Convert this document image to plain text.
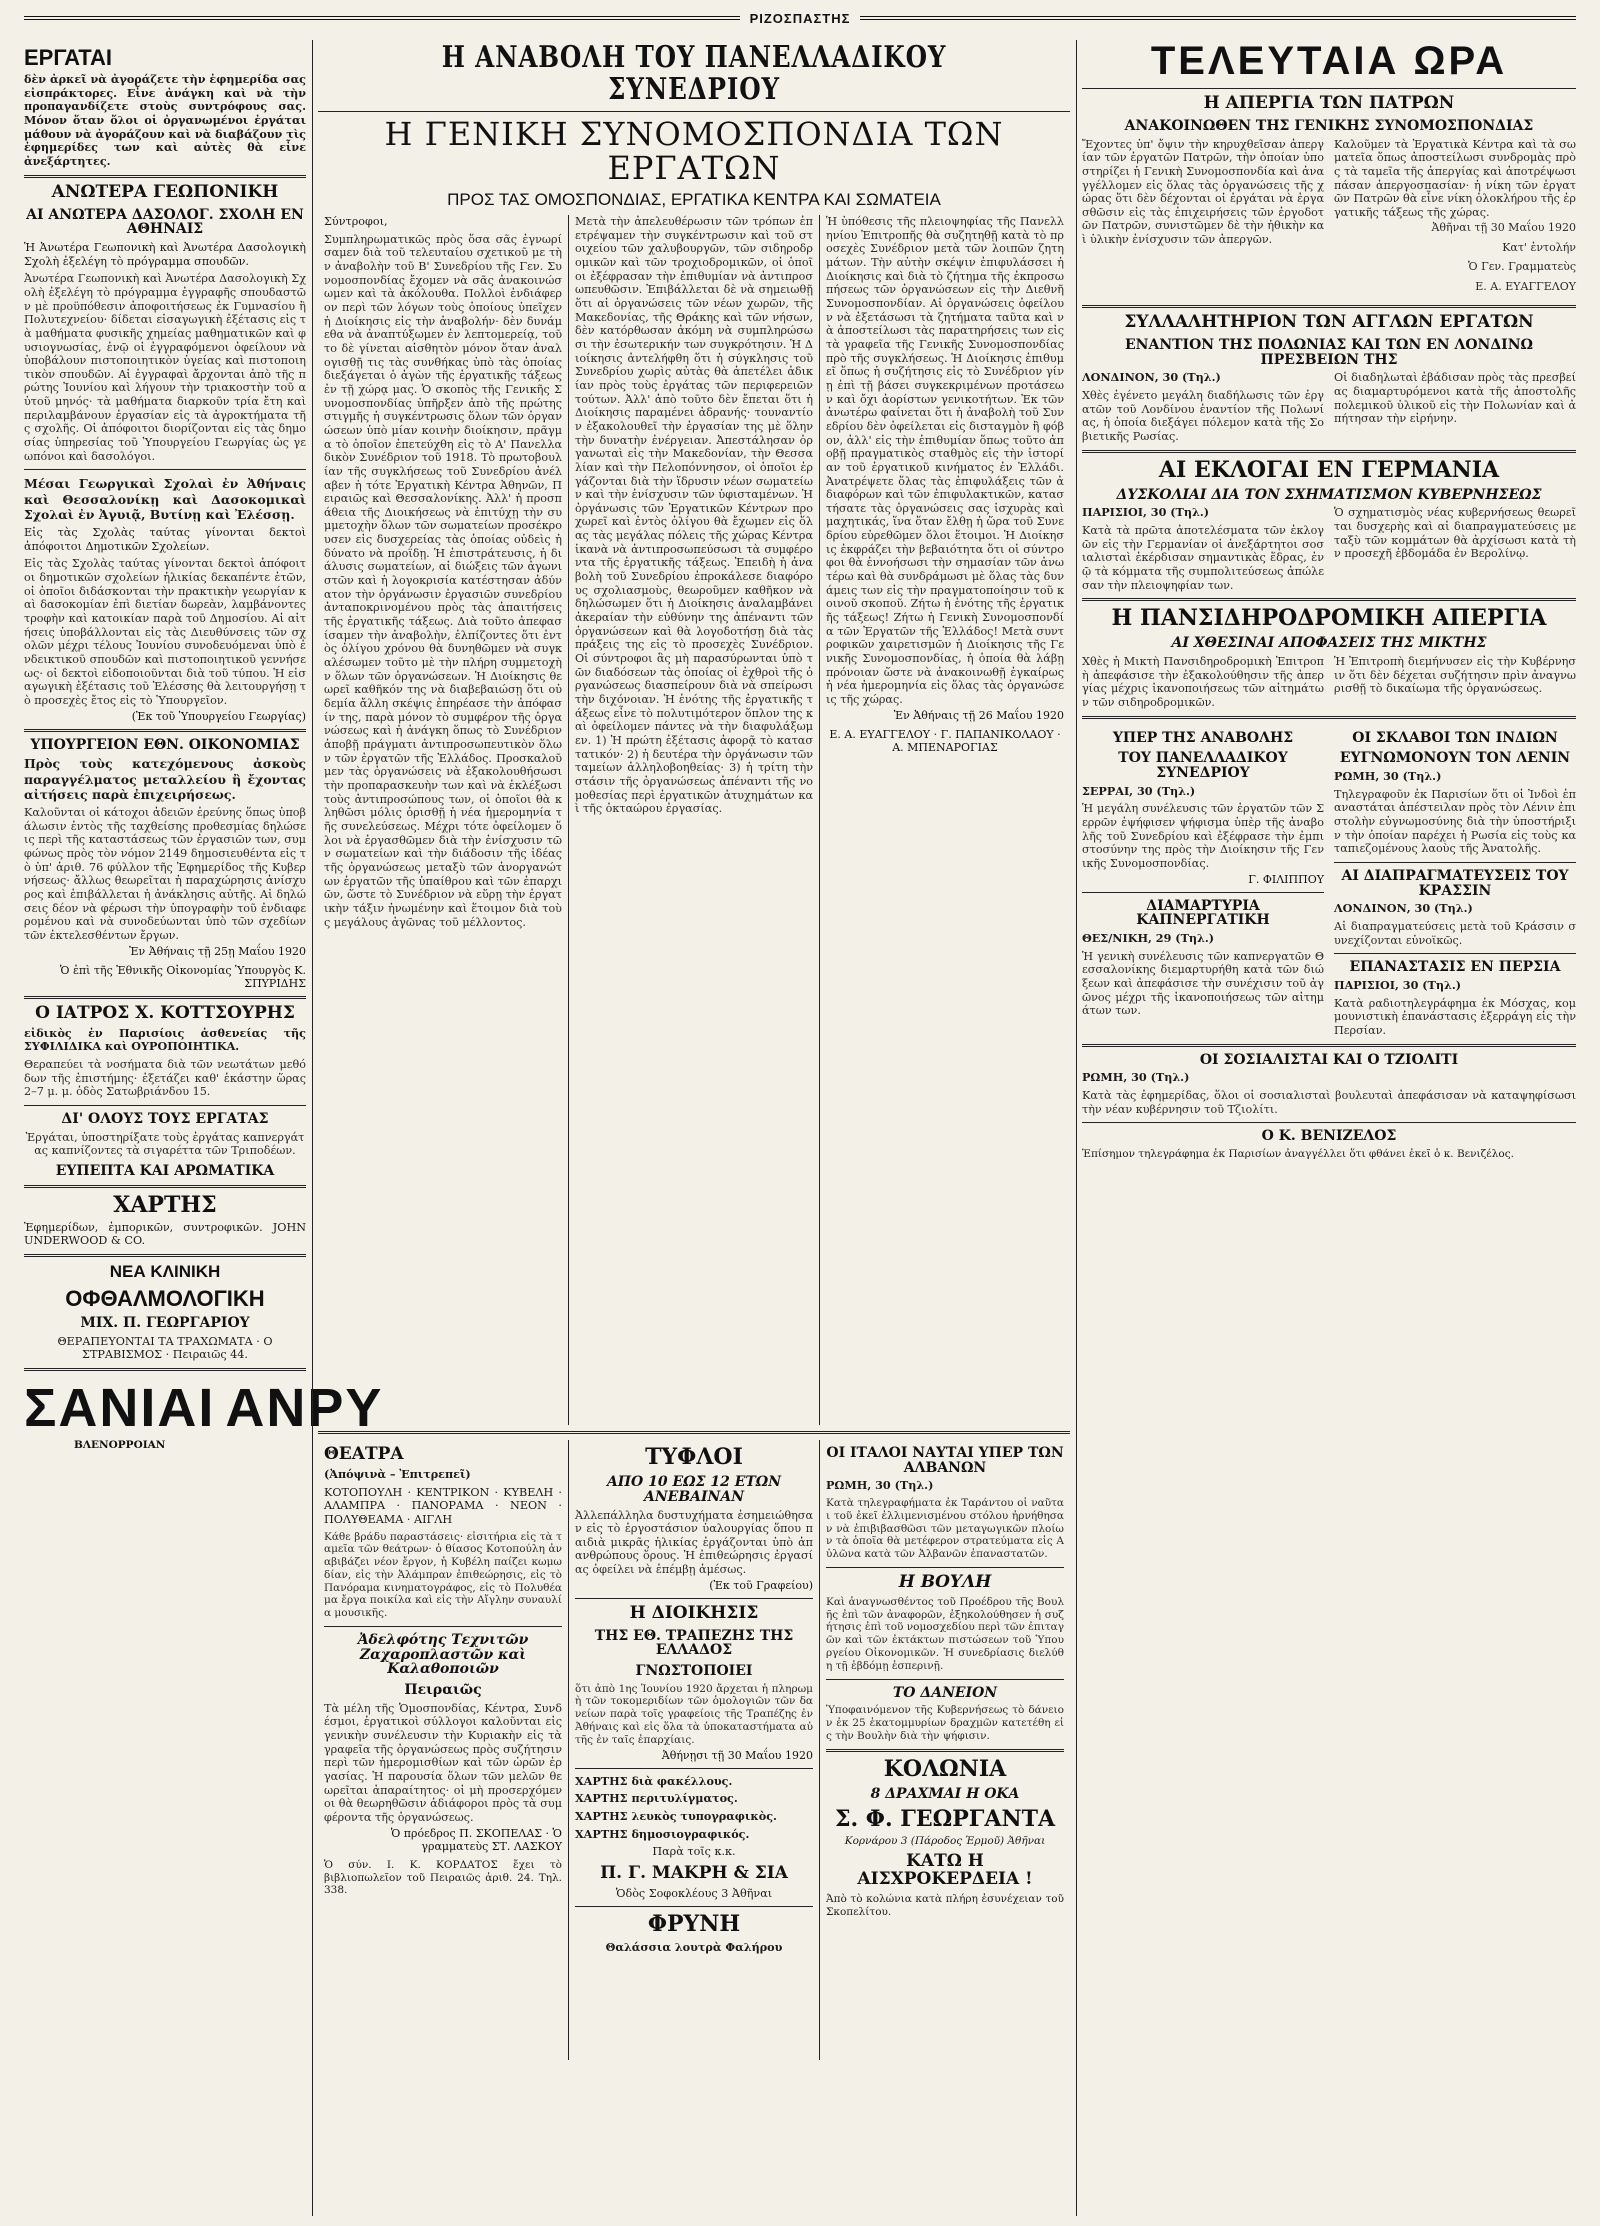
ΡΙΖΟΣΠΑΣΤΗΣ
ΕΡΓΑΤΑΙ

δὲν ἀρκεῖ νὰ ἀγοράζετε τὴν ἐφημερίδα σας εἰσπράκτορες. Εἶνε ἀνάγκη καὶ νὰ τὴν προπαγανδίζετε στοὺς συντρόφους σας. Μόνον ὅταν ὅλοι οἱ ὀργανωμένοι ἐργάται μάθουν νὰ ἀγοράζουν καὶ νὰ διαβάζουν τὶς ἐφημερίδες των καὶ αὐτὲς θὰ εἶνε ἀνεξάρτητες.

ΑΝΩΤΕΡΑ ΓΕΩΠΟΝΙΚΗ
ΑΙ ΑΝΩΤΕΡΑ ΔΑΣΟΛΟΓ. ΣΧΟΛΗ ΕΝ ΑΘΗΝΑΙΣ

Ἡ Ἀνωτέρα Γεωπονικὴ καὶ Ἀνωτέρα Δασολογικὴ Σχολὴ ἐξελέγη τὸ πρόγραμμα σπουδῶν.

Ἀνωτέρα Γεωπονικὴ καὶ Ἀνωτέρα Δασολογικὴ Σχολὴ ἐξελέγη τὸ πρόγραμμα ἐγγραφῆς σπουδαστῶν μὲ προϋπόθεσιν ἀποφοιτήσεως ἐκ Γυμνασίου ἢ Πολυτεχνείου· δίδεται εἰσαγωγικὴ ἐξέτασις εἰς τὰ μαθήματα φυσικῆς χημείας μαθηματικῶν καὶ φυσιογνωσίας, ἐνῷ οἱ ἐγγραφόμενοι ὀφείλουν νὰ ὑποβάλουν πιστοποιητικὸν ὑγείας καὶ πιστοποιητικὸν σπουδῶν. Αἱ ἐγγραφαὶ ἄρχονται ἀπὸ τῆς πρώτης Ἰουνίου καὶ λήγουν τὴν τριακοστὴν τοῦ αὐτοῦ μηνός· τὰ μαθήματα διαρκοῦν τρία ἔτη καὶ περιλαμβάνουν ἐργασίαν εἰς τὰ ἀγροκτήματα τῆς σχολῆς. Οἱ ἀπόφοιτοι διορίζονται εἰς τὰς δημοσίας ὑπηρεσίας τοῦ Ὑπουργείου Γεωργίας ὡς γεωπόνοι καὶ δασολόγοι.

Μέσαι Γεωργικαὶ Σχολαὶ ἐν Ἀθήναις καὶ Θεσσαλονίκῃ καὶ Δασοκομικαὶ Σχολαὶ ἐν Ἀγυιᾷ, Βυτίνῃ καὶ Ἐλέσσῃ.

Εἰς τὰς Σχολὰς ταύτας γίνονται δεκτοὶ ἀπόφοιτοι Δημοτικῶν Σχολείων.

Εἰς τὰς Σχολὰς ταύτας γίνονται δεκτοὶ ἀπόφοιτοι δημοτικῶν σχολείων ἡλικίας δεκαπέντε ἐτῶν, οἱ ὁποῖοι διδάσκονται τὴν πρακτικὴν γεωργίαν καὶ δασοκομίαν ἐπὶ διετίαν δωρεὰν, λαμβάνοντες τροφὴν καὶ κατοικίαν παρὰ τοῦ Δημοσίου. Αἱ αἰτήσεις ὑποβάλλονται εἰς τὰς Διευθύνσεις τῶν σχολῶν μέχρι τέλους Ἰουνίου συνοδευόμεναι ὑπὸ ἐνδεικτικοῦ σπουδῶν καὶ πιστοποιητικοῦ γεννήσεως· οἱ δεκτοὶ εἰδοποιοῦνται διὰ τοῦ τύπου. Ἡ εἰσαγωγικὴ ἐξέτασις τοῦ Ἐλέσσης θὰ λειτουργήσῃ τὸ προσεχὲς ἔτος εἰς τὸ Ὑπουργεῖον.
(Ἐκ τοῦ Ὑπουργείου Γεωργίας)
ΥΠΟΥΡΓΕΙΟΝ ΕΘΝ. ΟΙΚΟΝΟΜΙΑΣ

Πρὸς τοὺς κατεχόμενους ἀσκοὺς παραγγέλματος μεταλλείου ἢ ἔχοντας αἰτήσεις παρὰ ἐπιχειρήσεως.

Καλοῦνται οἱ κάτοχοι ἀδειῶν ἐρεύνης ὅπως ὑποβάλωσιν ἐντὸς τῆς ταχθείσης προθεσμίας δηλώσεις περὶ τῆς καταστάσεως τῶν ἐργασιῶν των, συμφώνως πρὸς τὸν νόμον 2149 δημοσιευθέντα εἰς τὸ ὑπ' ἀριθ. 76 φύλλον τῆς Ἐφημερίδος τῆς Κυβερνήσεως· ἄλλως θεωρεῖται ἡ παραχώρησις ἀνίσχυρος καὶ ἐπιβάλλεται ἡ ἀνάκλησις αὐτῆς. Αἱ δηλώσεις δέον νὰ φέρωσι τὴν ὑπογραφὴν τοῦ ἐνδιαφερομένου καὶ νὰ συνοδεύωνται ὑπὸ τῶν σχεδίων τῶν ἐκτελεσθέντων ἔργων.
Ἐν Ἀθήναις τῇ 25ῃ Μαΐου 1920
Ὁ ἐπὶ τῆς Ἐθνικῆς Οἰκονομίας Ὑπουργὸς Κ. ΣΠΥΡΙΔΗΣ
Ο ΙΑΤΡΟΣ Χ. ΚΟΤΤΣΟΥΡΗΣ

εἰδικὸς ἐν Παρισίοις ἀσθενείας τῆς ΣΥΦΙΛΙΔΙΚΑ καὶ ΟΥΡΟΠΟΙΗΤΙΚΑ.

Θεραπεύει τὰ νοσήματα διὰ τῶν νεωτάτων μεθόδων τῆς ἐπιστήμης· ἐξετάζει καθ' ἑκάστην ὥρας 2–7 μ. μ. ὁδὸς Σατωβριάνδου 15.
ΔΙ' ΟΛΟΥΣ ΤΟΥΣ ΕΡΓΑΤΑΣ
Ἐργάται, ὑποστηρίξατε τοὺς ἐργάτας καπνεργάτας καπνίζοντες τὰ σιγαρέττα τῶν Τριποδέων.
ΕΥΠΕΠΤΑ ΚΑΙ ΑΡΩΜΑΤΙΚΑ
ΧΑΡΤΗΣ

Ἐφημερίδων, ἐμπορικῶν, συντροφικῶν. JOHN UNDERWOOD & CO.

ΝΕΑ ΚΛΙΝΙΚΗ
ΟΦΘΑΛΜΟΛΟΓΙΚΗ
ΜΙΧ. Π. ΓΕΩΡΓΑΡΙΟΥ

ΘΕΡΑΠΕΥΟΝΤΑΙ ΤΑ ΤΡΑΧΩΜΑΤΑ · Ο ΣΤΡΑΒΙΣΜΟΣ · Πειραιῶς 44.

ΣΑΝΙΑΙ
ΒΛΕΝΟΡΡΟΙΑΝ
ΑΝΡΥ
Η ΑΝΑΒΟΛΗ ΤΟΥ ΠΑΝΕΛΛΑΔΙΚΟΥ ΣΥΝΕΔΡΙΟΥ
Η ΓΕΝΙΚΗ ΣΥΝΟΜΟΣΠΟΝΔΙΑ ΤΩΝ ΕΡΓΑΤΩΝ
ΠΡΟΣ ΤΑΣ ΟΜΟΣΠΟΝΔΙΑΣ, ΕΡΓΑΤΙΚΑ ΚΕΝΤΡΑ ΚΑΙ ΣΩΜΑΤΕΙΑ

Σύντροφοι,

Συμπληρωματικῶς πρὸς ὅσα σᾶς ἐγνωρίσαμεν διὰ τοῦ τελευταίου σχετικοῦ με τὴν ἀναβολὴν τοῦ Β' Συνεδρίου τῆς Γεν. Συνομοσπονδίας ἔχομεν νὰ σᾶς ἀνακοινώσωμεν καὶ τὰ ἀκόλουθα. Πολλοὶ ἐνδιάφερον περὶ τῶν λόγων τοὺς ὁποίους ὑπεῖχεν ἡ Διοίκησις εἰς τὴν ἀναβολήν· δὲν δυνάμεθα νὰ ἀναπτύξωμεν ἐν λεπτομερείᾳ, τοῦτο δὲ γίνεται αἰσθητὸν μόνον ὅταν ἀναλογισθῇ τις τὰς συνθήκας ὑπὸ τὰς ὁποίας διεξάγεται ὁ ἀγὼν τῆς ἐργατικῆς τάξεως ἐν τῇ χώρᾳ μας. Ὁ σκοπὸς τῆς Γενικῆς Συνομοσπονδίας ὑπῆρξεν ἀπὸ τῆς πρώτης στιγμῆς ἡ συγκέντρωσις ὅλων τῶν ὀργανώσεων ὑπὸ μίαν κοινὴν διοίκησιν, πρᾶγμα τὸ ὁποῖον ἐπετεύχθη εἰς τὸ Α' Πανελλαδικὸν Συνέδριον τοῦ 1918. Τὸ πρωτοβουλίαν τῆς συγκλήσεως τοῦ Συνεδρίου ἀνέλαβεν ἡ τότε Ἐργατικὴ Κέντρα Ἀθηνῶν, Πειραιῶς καὶ Θεσσαλονίκης. Ἀλλ' ἡ προσπάθεια τῆς Διοικήσεως νὰ ἐπιτύχῃ τὴν συμμετοχὴν ὅλων τῶν σωματείων προσέκρουσεν εἰς δυσχερείας τὰς ὁποίας οὐδεὶς ἠδύνατο νὰ προΐδῃ. Ἡ ἐπιστράτευσις, ἡ διάλυσις σωματείων, αἱ διώξεις τῶν ἀγωνιστῶν καὶ ἡ λογοκρισία κατέστησαν ἀδύνατον τὴν ὀργάνωσιν ἐργασιῶν συνεδρίου ἀνταποκρινομένου πρὸς τὰς ἀπαιτήσεις τῆς ἐργατικῆς τάξεως. Διὰ τοῦτο ἀπεφασίσαμεν τὴν ἀναβολὴν, ἐλπίζοντες ὅτι ἐντὸς ὀλίγου χρόνου θὰ δυνηθῶμεν νὰ συγκαλέσωμεν τοῦτο μὲ τὴν πλήρη συμμετοχὴν ὅλων τῶν ὀργανώσεων. Ἡ Διοίκησις θεωρεῖ καθῆκόν της νὰ διαβεβαιώσῃ ὅτι οὐδεμία ἄλλη σκέψις ἐπηρέασε τὴν ἀπόφασίν της, παρὰ μόνον τὸ συμφέρον τῆς ὀργανώσεως καὶ ἡ ἀνάγκη ὅπως τὸ Συνέδριον ἀποβῇ πράγματι ἀντιπροσωπευτικὸν ὅλων τῶν ἐργατῶν τῆς Ἑλλάδος. Προσκαλοῦμεν τὰς ὀργανώσεις νὰ ἐξακολουθήσωσι τὴν προπαρασκευὴν των καὶ νὰ ἐκλέξωσι τοὺς ἀντιπροσώπους των, οἱ ὁποῖοι θὰ κληθῶσι μόλις ὁρισθῇ ἡ νέα ἡμερομηνία τῆς συνελεύσεως. Μέχρι τότε ὀφείλομεν ὅλοι νὰ ἐργασθῶμεν διὰ τὴν ἐνίσχυσιν τῶν σωματείων καὶ τὴν διάδοσιν τῆς ἰδέας τῆς ὀργανώσεως μεταξὺ τῶν ἀνοργανώτων ἐργατῶν τῆς ὑπαίθρου καὶ τῶν ἐπαρχιῶν, ὥστε τὸ Συνέδριον νὰ εὕρῃ τὴν ἐργατικὴν τάξιν ἡνωμένην καὶ ἕτοιμον διὰ τοὺς μεγάλους ἀγῶνας τοῦ μέλλοντος.
Μετὰ τὴν ἀπελευθέρωσιν τῶν τρόπων ἐπετρέψαμεν τὴν συγκέντρωσιν καὶ τοῦ στοιχείου τῶν χαλυβουργῶν, τῶν σιδηροδρομικῶν καὶ τῶν τροχιοδρομικῶν, οἱ ὁποῖοι ἐξέφρασαν τὴν ἐπιθυμίαν νὰ ἀντιπροσωπευθῶσιν. Ἐπιβάλλεται δὲ νὰ σημειωθῇ ὅτι αἱ ὀργανώσεις τῶν νέων χωρῶν, τῆς Μακεδονίας, τῆς Θράκης καὶ τῶν νήσων, δὲν κατόρθωσαν ἀκόμη νὰ συμπληρώσωσι τὴν ἐσωτερικήν των συγκρότησιν. Ἡ Διοίκησις ἀντελήφθη ὅτι ἡ σύγκλησις τοῦ Συνεδρίου χωρὶς αὐτὰς θὰ ἀπετέλει ἀδικίαν πρὸς τοὺς ἐργάτας τῶν περιφερειῶν τούτων. Ἀλλ' ἀπὸ τοῦτο δὲν ἔπεται ὅτι ἡ Διοίκησις παραμένει ἀδρανής· τουναντίον ἐξακολουθεῖ τὴν ἐργασίαν της μὲ ὅλην τὴν δυνατὴν ἐνέργειαν. Ἀπεστάλησαν ὀργανωταὶ εἰς τὴν Μακεδονίαν, τὴν Θεσσαλίαν καὶ τὴν Πελοπόννησον, οἱ ὁποῖοι ἐργάζονται διὰ τὴν ἵδρυσιν νέων σωματείων καὶ τὴν ἐνίσχυσιν τῶν ὑφισταμένων. Ἡ ὀργάνωσις τῶν Ἐργατικῶν Κέντρων προχωρεῖ καὶ ἐντὸς ὀλίγου θὰ ἔχωμεν εἰς ὅλας τὰς μεγάλας πόλεις τῆς χώρας Κέντρα ἱκανὰ νὰ ἀντιπροσωπεύσωσι τὰ συμφέροντα τῆς ἐργατικῆς τάξεως. Ἐπειδὴ ἡ ἀναβολὴ τοῦ Συνεδρίου ἐπροκάλεσε διαφόρους σχολιασμοὺς, θεωροῦμεν καθῆκον νὰ δηλώσωμεν ὅτι ἡ Διοίκησις ἀναλαμβάνει ἀκεραίαν τὴν εὐθύνην της ἀπέναντι τῶν ὀργανώσεων καὶ θὰ λογοδοτήσῃ διὰ τὰς πράξεις της εἰς τὸ προσεχὲς Συνέδριον. Οἱ σύντροφοι ἃς μὴ παρασύρωνται ὑπὸ τῶν διαδόσεων τὰς ὁποίας οἱ ἐχθροὶ τῆς ὀργανώσεως διασπείρουν διὰ νὰ σπείρωσι τὴν διχόνοιαν. Ἡ ἑνότης τῆς ἐργατικῆς τάξεως εἶνε τὸ πολυτιμότερον ὅπλον της καὶ ὀφείλομεν πάντες νὰ τὴν διαφυλάξωμεν. 1) Ἡ πρώτη ἐξέτασις ἀφορᾷ τὸ καταστατικόν· 2) ἡ δευτέρα τὴν ὀργάνωσιν τῶν ταμείων ἀλληλοβοηθείας· 3) ἡ τρίτη τὴν στάσιν τῆς ὀργανώσεως ἀπέναντι τῆς νομοθεσίας περὶ ἐργατικῶν ἀτυχημάτων καὶ τῆς ὀκταώρου ἐργασίας.
Ἡ ὑπόθεσις τῆς πλειοψηφίας τῆς Πανελληνίου Ἐπιτροπῆς θὰ συζητηθῇ κατὰ τὸ προσεχὲς Συνέδριον μετὰ τῶν λοιπῶν ζητημάτων. Τὴν αὐτὴν σκέψιν ἐπιφυλάσσει ἡ Διοίκησις καὶ διὰ τὸ ζήτημα τῆς ἐκπροσωπήσεως τῶν ὀργανώσεων εἰς τὴν Διεθνῆ Συνομοσπονδίαν. Αἱ ὀργανώσεις ὀφείλουν νὰ ἐξετάσωσι τὰ ζητήματα ταῦτα καὶ νὰ ἀποστείλωσι τὰς παρατηρήσεις των εἰς τὰ γραφεῖα τῆς Γενικῆς Συνομοσπονδίας πρὸ τῆς συγκλήσεως. Ἡ Διοίκησις ἐπιθυμεῖ ὅπως ἡ συζήτησις εἰς τὸ Συνέδριον γίνῃ ἐπὶ τῇ βάσει συγκεκριμένων προτάσεων καὶ ὄχι ἀορίστων γενικοτήτων. Ἐκ τῶν ἀνωτέρω φαίνεται ὅτι ἡ ἀναβολὴ τοῦ Συνεδρίου δὲν ὀφείλεται εἰς δισταγμὸν ἢ φόβον, ἀλλ' εἰς τὴν ἐπιθυμίαν ὅπως τοῦτο ἀποβῇ πραγματικὸς σταθμὸς εἰς τὴν ἱστορίαν τοῦ ἐργατικοῦ κινήματος ἐν Ἑλλάδι. Ἀνατρέψετε ὅλας τὰς ἐπιφυλάξεις τῶν ἀδιαφόρων καὶ τῶν ἐπιφυλακτικῶν, καταστήσατε τὰς ὀργανώσεις σας ἰσχυρὰς καὶ μαχητικάς, ἵνα ὅταν ἔλθῃ ἡ ὥρα τοῦ Συνεδρίου εὑρεθῶμεν ὅλοι ἕτοιμοι. Ἡ Διοίκησις ἐκφράζει τὴν βεβαιότητα ὅτι οἱ σύντροφοι θὰ ἐννοήσωσι τὴν σημασίαν τῶν ἀνωτέρω καὶ θὰ συνδράμωσι μὲ ὅλας τὰς δυνάμεις των εἰς τὴν πραγματοποίησιν τοῦ κοινοῦ σκοποῦ. Ζήτω ἡ ἑνότης τῆς ἐργατικῆς τάξεως! Ζήτω ἡ Γενικὴ Συνομοσπονδία τῶν Ἐργατῶν τῆς Ἑλλάδος! Μετὰ συντροφικῶν χαιρετισμῶν ἡ Διοίκησις τῆς Γενικῆς Συνομοσπονδίας, ἡ ὁποία θὰ λάβῃ πρόνοιαν ὥστε νὰ ἀνακοινωθῇ ἐγκαίρως ἡ νέα ἡμερομηνία εἰς ὅλας τὰς ὀργανώσεις τῆς χώρας.
Ἐν Ἀθήναις τῇ 26 Μαΐου 1920
Ε. Α. ΕΥΑΓΓΕΛΟΥ · Γ. ΠΑΠΑΝΙΚΟΛΑΟΥ · Α. ΜΠΕΝΑΡΟΓΙΑΣ
ΘΕΑΤΡΑ
(Ἀπόψινὰ – Ἐπιτρεπεῖ)

ΚΟΤΟΠΟΥΛΗ · ΚΕΝΤΡΙΚΟΝ · ΚΥΒΕΛΗ · ΑΛΑΜΠΡΑ · ΠΑΝΟΡΑΜΑ · ΝΕΟΝ · ΠΟΛΥΘΕΑΜΑ · ΑΙΓΛΗ

Κάθε βράδυ παραστάσεις· εἰσιτήρια εἰς τὰ ταμεῖα τῶν θεάτρων· ὁ θίασος Κοτοπούλη ἀναβιβάζει νέον ἔργον, ἡ Κυβέλη παίζει κωμωδίαν, εἰς τὴν Ἀλάμπραν ἐπιθεώρησις, εἰς τὸ Πανόραμα κινηματογράφος, εἰς τὸ Πολυθέαμα ἔργα ποικίλα καὶ εἰς τὴν Αἴγλην συναυλία μουσικῆς.
Ἀδελφότης Τεχνιτῶν Ζαχαροπλαστῶν καὶ Καλαθοποιῶν
Πειραιῶς
Τὰ μέλη τῆς Ὁμοσπονδίας, Κέντρα, Συνδέσμοι, ἐργατικοὶ σύλλογοι καλοῦνται εἰς γενικὴν συνέλευσιν τὴν Κυριακὴν εἰς τὰ γραφεῖα τῆς ὀργανώσεως πρὸς συζήτησιν περὶ τῶν ἡμερομισθίων καὶ τῶν ὡρῶν ἐργασίας. Ἡ παρουσία ὅλων τῶν μελῶν θεωρεῖται ἀπαραίτητος· οἱ μὴ προσερχόμενοι θὰ θεωρηθῶσιν ἀδιάφοροι πρὸς τὰ συμφέροντα τῆς ὀργανώσεως.
Ὁ πρόεδρος Π. ΣΚΟΠΕΛΑΣ · Ὁ γραμματεὺς ΣΤ. ΛΑΣΚΟΥ

Ὁ σύν. Ι. Κ. ΚΟΡΔΑΤΟΣ ἔχει τὸ βιβλιοπωλεῖον τοῦ Πειραιῶς ἀριθ. 24. Τηλ. 338.

ΤΥΦΛΟΙ
ΑΠΟ 10 ΕΩΣ 12 ΕΤΩΝ ΑΝΕΒΑΙΝΑΝ
Ἀλλεπάλληλα δυστυχήματα ἐσημειώθησαν εἰς τὸ ἐργοστάσιον ὑαλουργίας ὅπου παιδιὰ μικρᾶς ἡλικίας ἐργάζονται ὑπὸ ἀπανθρώπους ὅρους. Ἡ ἐπιθεώρησις ἐργασίας ὀφείλει νὰ ἐπέμβῃ ἀμέσως.
(Ἐκ τοῦ Γραφείου)
Η ΔΙΟΙΚΗΣΙΣ
ΤΗΣ ΕΘ. ΤΡΑΠΕΖΗΣ ΤΗΣ ΕΛΛΑΔΟΣ
ΓΝΩΣΤΟΠΟΙΕΙ
ὅτι ἀπὸ 1ης Ἰουνίου 1920 ἄρχεται ἡ πληρωμὴ τῶν τοκομεριδίων τῶν ὁμολογιῶν τῶν δανείων παρὰ τοῖς γραφείοις τῆς Τραπέζης ἐν Ἀθήναις καὶ εἰς ὅλα τὰ ὑποκαταστήματα αὐτῆς ἐν ταῖς ἐπαρχίαις.
Ἀθήνῃσι τῇ 30 Μαΐου 1920
ΧΑΡΤΗΣ διὰ φακέλλους.
ΧΑΡΤΗΣ περιτυλίγματος.
ΧΑΡΤΗΣ λευκὸς τυπογραφικὸς.
ΧΑΡΤΗΣ δημοσιογραφικός.
Παρὰ τοῖς κ.κ.
Π. Γ. ΜΑΚΡΗ & ΣΙΑ
Ὁδὸς Σοφοκλέους 3 Ἀθῆναι
ΦΡΥΝΗ
Θαλάσσια λουτρὰ Φαλήρου
ΟΙ ΙΤΑΛΟΙ ΝΑΥΤΑΙ ΥΠΕΡ ΤΩΝ ΑΛΒΑΝΩΝ
ΡΩΜΗ, 30 (Τηλ.)
Κατὰ τηλεγραφήματα ἐκ Ταράντου οἱ ναῦται τοῦ ἐκεῖ ἐλλιμενισμένου στόλου ἠρνήθησαν νὰ ἐπιβιβασθῶσι τῶν μεταγωγικῶν πλοίων τὰ ὁποῖα θὰ μετέφερον στρατεύματα εἰς Αὐλῶνα κατὰ τῶν Ἀλβανῶν ἐπαναστατῶν.
Η ΒΟΥΛΗ
Καὶ ἀναγνωσθέντος τοῦ Προέδρου τῆς Βουλῆς ἐπὶ τῶν ἀναφορῶν, ἐξηκολούθησεν ἡ συζήτησις ἐπὶ τοῦ νομοσχεδίου περὶ τῶν ἐπιταγῶν καὶ τῶν ἐκτάκτων πιστώσεων τοῦ Ὑπουργείου Οἰκονομικῶν. Ἡ συνεδρίασις διελύθη τῇ ἑβδόμῃ ἑσπερινῇ.
ΤΟ ΔΑΝΕΙΟΝ
Ὑποφαινόμενον τῆς Κυβερνήσεως τὸ δάνειον ἐκ 25 ἑκατομμυρίων δραχμῶν κατετέθη εἰς τὴν Βουλὴν διὰ τὴν ψήφισιν.
ΚΟΛΩΝΙΑ
8 ΔΡΑΧΜΑΙ Η ΟΚΑ
Σ. Φ. ΓΕΩΡΓΑΝΤΑ
Κορνάρου 3 (Πάροδος Ἑρμοῦ) Ἀθῆναι
ΚΑΤΩ Η ΑΙΣΧΡΟΚΕΡΔΕΙΑ !
Ἀπὸ τὸ κολώνια κατὰ πλήρη ἐσυνέχειαν τοῦ Σκοπελίτου.
ΤΕΛΕΥΤΑΙΑ ΩΡΑ
Η ΑΠΕΡΓΙΑ ΤΩΝ ΠΑΤΡΩΝ
ΑΝΑΚΟΙΝΩΘΕΝ ΤΗΣ ΓΕΝΙΚΗΣ ΣΥΝΟΜΟΣΠΟΝΔΙΑΣ
Ἔχοντες ὑπ' ὄψιν τὴν κηρυχθεῖσαν ἀπεργίαν τῶν ἐργατῶν Πατρῶν, τὴν ὁποίαν ὑποστηρίζει ἡ Γενικὴ Συνομοσπονδία καὶ ἀναγγέλλομεν εἰς ὅλας τὰς ὀργανώσεις τῆς χώρας ὅτι δὲν δέχονται οἱ ἐργάται νὰ ἐργασθῶσιν εἰς τὰς ἐπιχειρήσεις τῶν ἐργοδοτῶν Πατρῶν, συνιστῶμεν δὲ τὴν ἠθικὴν καὶ ὑλικὴν ἐνίσχυσιν τῶν ἀπεργῶν.
Καλοῦμεν τὰ Ἐργατικὰ Κέντρα καὶ τὰ σωματεῖα ὅπως ἀποστείλωσι συνδρομὰς πρὸς τὰ ταμεῖα τῆς ἀπεργίας καὶ ἀποτρέψωσι πάσαν ἀπεργοσπασίαν· ἡ νίκη τῶν ἐργατῶν Πατρῶν θὰ εἶνε νίκη ὁλοκλήρου τῆς ἐργατικῆς τάξεως τῆς χώρας.
Ἀθῆναι τῇ 30 Μαΐου 1920
Κατ' ἐντολήν
Ὁ Γεν. Γραμματεὺς
Ε. Α. ΕΥΑΓΓΕΛΟΥ
ΣΥΛΛΑΛΗΤΗΡΙΟΝ ΤΩΝ ΑΓΓΛΩΝ ΕΡΓΑΤΩΝ
ΕΝΑΝΤΙΟΝ ΤΗΣ ΠΟΛΩΝΙΑΣ ΚΑΙ ΤΩΝ ΕΝ ΛΟΝΔΙΝΩ ΠΡΕΣΒΕΙΩΝ ΤΗΣ
ΛΟΝΔΙΝΟΝ, 30 (Τηλ.)
Χθὲς ἐγένετο μεγάλη διαδήλωσις τῶν ἐργατῶν τοῦ Λονδίνου ἐναντίον τῆς Πολωνίας, ἡ ὁποία διεξάγει πόλεμον κατὰ τῆς Σοβιετικῆς Ρωσίας.
Οἱ διαδηλωταὶ ἐβάδισαν πρὸς τὰς πρεσβείας διαμαρτυρόμενοι κατὰ τῆς ἀποστολῆς πολεμικοῦ ὑλικοῦ εἰς τὴν Πολωνίαν καὶ ἀπήτησαν τὴν εἰρήνην.
ΑΙ ΕΚΛΟΓΑΙ ΕΝ ΓΕΡΜΑΝΙΑ
ΔΥΣΚΟΛΙΑΙ ΔΙΑ ΤΟΝ ΣΧΗΜΑΤΙΣΜΟΝ ΚΥΒΕΡΝΗΣΕΩΣ
ΠΑΡΙΣΙΟΙ, 30 (Τηλ.)
Κατὰ τὰ πρῶτα ἀποτελέσματα τῶν ἐκλογῶν εἰς τὴν Γερμανίαν οἱ ἀνεξάρτητοι σοσιαλισταὶ ἐκέρδισαν σημαντικὰς ἕδρας, ἐνῷ τὰ κόμματα τῆς συμπολιτεύσεως ἀπώλεσαν τὴν πλειοψηφίαν των.
Ὁ σχηματισμὸς νέας κυβερνήσεως θεωρεῖται δυσχερὴς καὶ αἱ διαπραγματεύσεις μεταξὺ τῶν κομμάτων θὰ ἀρχίσωσι κατὰ τὴν προσεχῆ ἑβδομάδα ἐν Βερολίνῳ.
Η ΠΑΝΣΙΔΗΡΟΔΡΟΜΙΚΗ ΑΠΕΡΓΙΑ
ΑΙ ΧΘΕΣΙΝΑΙ ΑΠΟΦΑΣΕΙΣ ΤΗΣ ΜΙΚΤΗΣ
Χθὲς ἡ Μικτὴ Πανσιδηροδρομικὴ Ἐπιτροπὴ ἀπεφάσισε τὴν ἐξακολούθησιν τῆς ἀπεργίας μέχρις ἱκανοποιήσεως τῶν αἰτημάτων τῶν σιδηροδρομικῶν.
Ἡ Ἐπιτροπὴ διεμήνυσεν εἰς τὴν Κυβέρνησιν ὅτι δὲν δέχεται συζήτησιν πρὶν ἀναγνωρισθῇ τὸ δικαίωμα τῆς ὀργανώσεως.
ΥΠΕΡ ΤΗΣ ΑΝΑΒΟΛΗΣ
ΤΟΥ ΠΑΝΕΛΛΑΔΙΚΟΥ ΣΥΝΕΔΡΙΟΥ
ΣΕΡΡΑΙ, 30 (Τηλ.)
Ἡ μεγάλη συνέλευσις τῶν ἐργατῶν τῶν Σερρῶν ἐψήφισεν ψήφισμα ὑπὲρ τῆς ἀναβολῆς τοῦ Συνεδρίου καὶ ἐξέφρασε τὴν ἐμπιστοσύνην της πρὸς τὴν Διοίκησιν τῆς Γενικῆς Συνομοσπονδίας.
Γ. ΦΙΛΙΠΠΟΥ
ΔΙΑΜΑΡΤΥΡΙΑ ΚΑΠΝΕΡΓΑΤΙΚΗ
ΘΕΣ/ΝΙΚΗ, 29 (Τηλ.)
Ἡ γενικὴ συνέλευσις τῶν καπνεργατῶν Θεσσαλονίκης διεμαρτυρήθη κατὰ τῶν διώξεων καὶ ἀπεφάσισε τὴν συνέχισιν τοῦ ἀγῶνος μέχρι τῆς ἱκανοποιήσεως τῶν αἰτημάτων των.
ΟΙ ΣΚΛΑΒΟΙ ΤΩΝ ΙΝΔΙΩΝ
ΕΥΓΝΩΜΟΝΟΥΝ ΤΟΝ ΛΕΝΙΝ
ΡΩΜΗ, 30 (Τηλ.)
Τηλεγραφοῦν ἐκ Παρισίων ὅτι οἱ Ἰνδοὶ ἐπαναστάται ἀπέστειλαν πρὸς τὸν Λένιν ἐπιστολὴν εὐγνωμοσύνης διὰ τὴν ὑποστήριξιν τὴν ὁποίαν παρέχει ἡ Ρωσία εἰς τοὺς καταπιεζομένους λαοὺς τῆς Ἀνατολῆς.
ΑΙ ΔΙΑΠΡΑΓΜΑΤΕΥΣΕΙΣ ΤΟΥ ΚΡΑΣΣΙΝ
ΛΟΝΔΙΝΟΝ, 30 (Τηλ.)
Αἱ διαπραγματεύσεις μετὰ τοῦ Κράσσιν συνεχίζονται εὐνοϊκῶς.
ΕΠΑΝΑΣΤΑΣΙΣ ΕΝ ΠΕΡΣΙΑ
ΠΑΡΙΣΙΟΙ, 30 (Τηλ.)
Κατὰ ραδιοτηλεγράφημα ἐκ Μόσχας, κομμουνιστικὴ ἐπανάστασις ἐξερράγη εἰς τὴν Περσίαν.
ΟΙ ΣΟΣΙΑΛΙΣΤΑΙ ΚΑΙ Ο ΤΖΙΟΛΙΤΙ
ΡΩΜΗ, 30 (Τηλ.)
Κατὰ τὰς ἐφημερίδας, ὅλοι οἱ σοσιαλισταὶ βουλευταὶ ἀπεφάσισαν νὰ καταψηφίσωσι τὴν νέαν κυβέρνησιν τοῦ Τζιολίτι.
Ο Κ. ΒΕΝΙΖΕΛΟΣ
Ἐπίσημον τηλεγράφημα ἐκ Παρισίων ἀναγγέλλει ὅτι φθάνει ἐκεῖ ὁ κ. Βενιζέλος.
